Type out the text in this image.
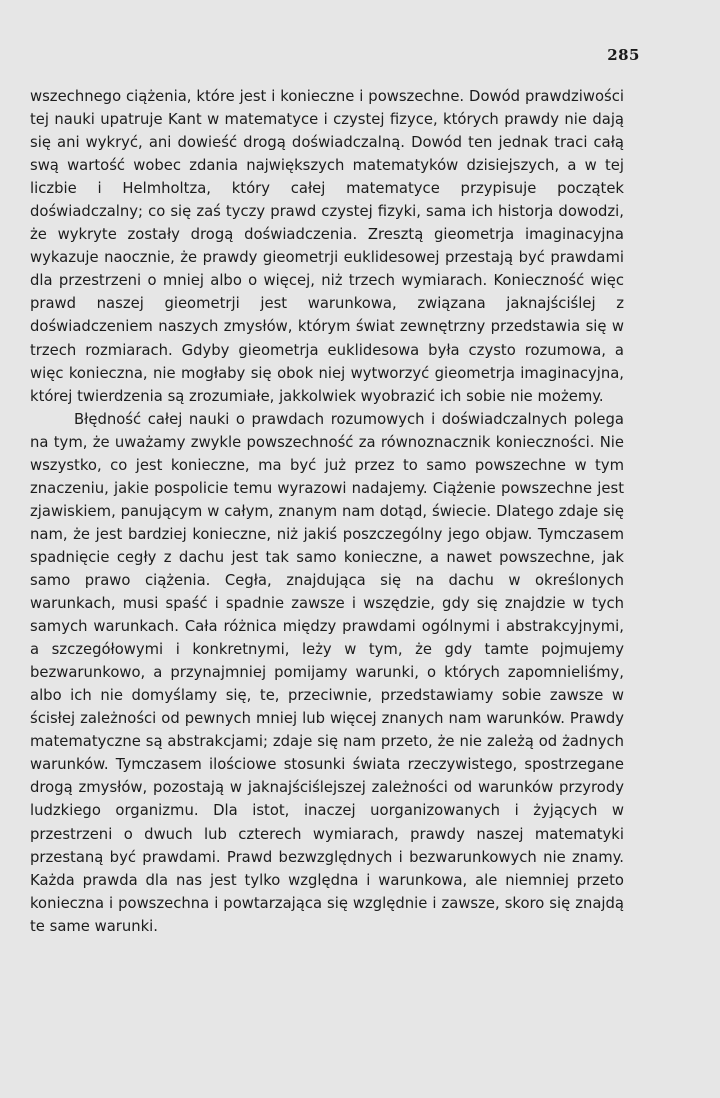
285

wszechnego ciążenia, które jest i konieczne i powszechne. Dowód prawdziwości tej nauki upatruje Kant w matematyce i czystej fizyce, których prawdy nie dają się ani wykryć, ani dowieść drogą doświadczalną. Dowód ten jednak traci całą swą wartość wobec zdania największych matematyków dzisiejszych, a w tej liczbie i Helmholtza, który całej matematyce przypisuje początek doświadczalny; co się zaś tyczy prawd czystej fizyki, sama ich historja dowodzi, że wykryte zostały drogą doświadczenia. Zresztą gieometrja imaginacyjna wykazuje naocznie, że prawdy gieometrji euklidesowej przestają być prawdami dla przestrzeni o mniej albo o więcej, niż trzech wymiarach. Konieczność więc prawd naszej gieometrji jest warunkowa, związana jaknajściślej z doświadczeniem naszych zmysłów, którym świat zewnętrzny przedstawia się w trzech rozmiarach. Gdyby gieometrja euklidesowa była czysto rozumowa, a więc konieczna, nie mogłaby się obok niej wytworzyć gieometrja imaginacyjna, której twierdzenia są zrozumiałe, jakkolwiek wyobrazić ich sobie nie możemy.

Błędność całej nauki o prawdach rozumowych i doświadczalnych polega na tym, że uważamy zwykle powszechność za równoznacznik konieczności. Nie wszystko, co jest konieczne, ma być już przez to samo powszechne w tym znaczeniu, jakie pospolicie temu wyrazowi nadajemy. Ciążenie powszechne jest zjawiskiem, panującym w całym, znanym nam dotąd, świecie. Dlatego zdaje się nam, że jest bardziej konieczne, niż jakiś poszczególny jego objaw. Tymczasem spadnięcie cegły z dachu jest tak samo konieczne, a nawet powszechne, jak samo prawo ciążenia. Cegła, znajdująca się na dachu w określonych warunkach, musi spaść i spadnie zawsze i wszędzie, gdy się znajdzie w tych samych warunkach. Cała różnica między prawdami ogólnymi i abstrakcyjnymi, a szczegółowymi i konkretnymi, leży w tym, że gdy tamte pojmujemy bezwarunkowo, a przynajmniej pomijamy warunki, o których zapomnieliśmy, albo ich nie domyślamy się, te, przeciwnie, przedstawiamy sobie zawsze w ścisłej zależności od pewnych mniej lub więcej znanych nam warunków. Prawdy matematyczne są abstrakcjami; zdaje się nam przeto, że nie zależą od żadnych warunków. Tymczasem ilościowe stosunki świata rzeczywistego, spostrzegane drogą zmysłów, pozostają w jaknajściślejszej zależności od warunków przyrody ludzkiego organizmu. Dla istot, inaczej uorganizowanych i żyjących w przestrzeni o dwuch lub czterech wymiarach, prawdy naszej matematyki przestaną być prawdami. Prawd bezwzględnych i bezwarunkowych nie znamy. Każda prawda dla nas jest tylko względna i warunkowa, ale niemniej przeto konieczna i powszechna i powtarzająca się względnie i zawsze, skoro się znajdą te same warunki.
